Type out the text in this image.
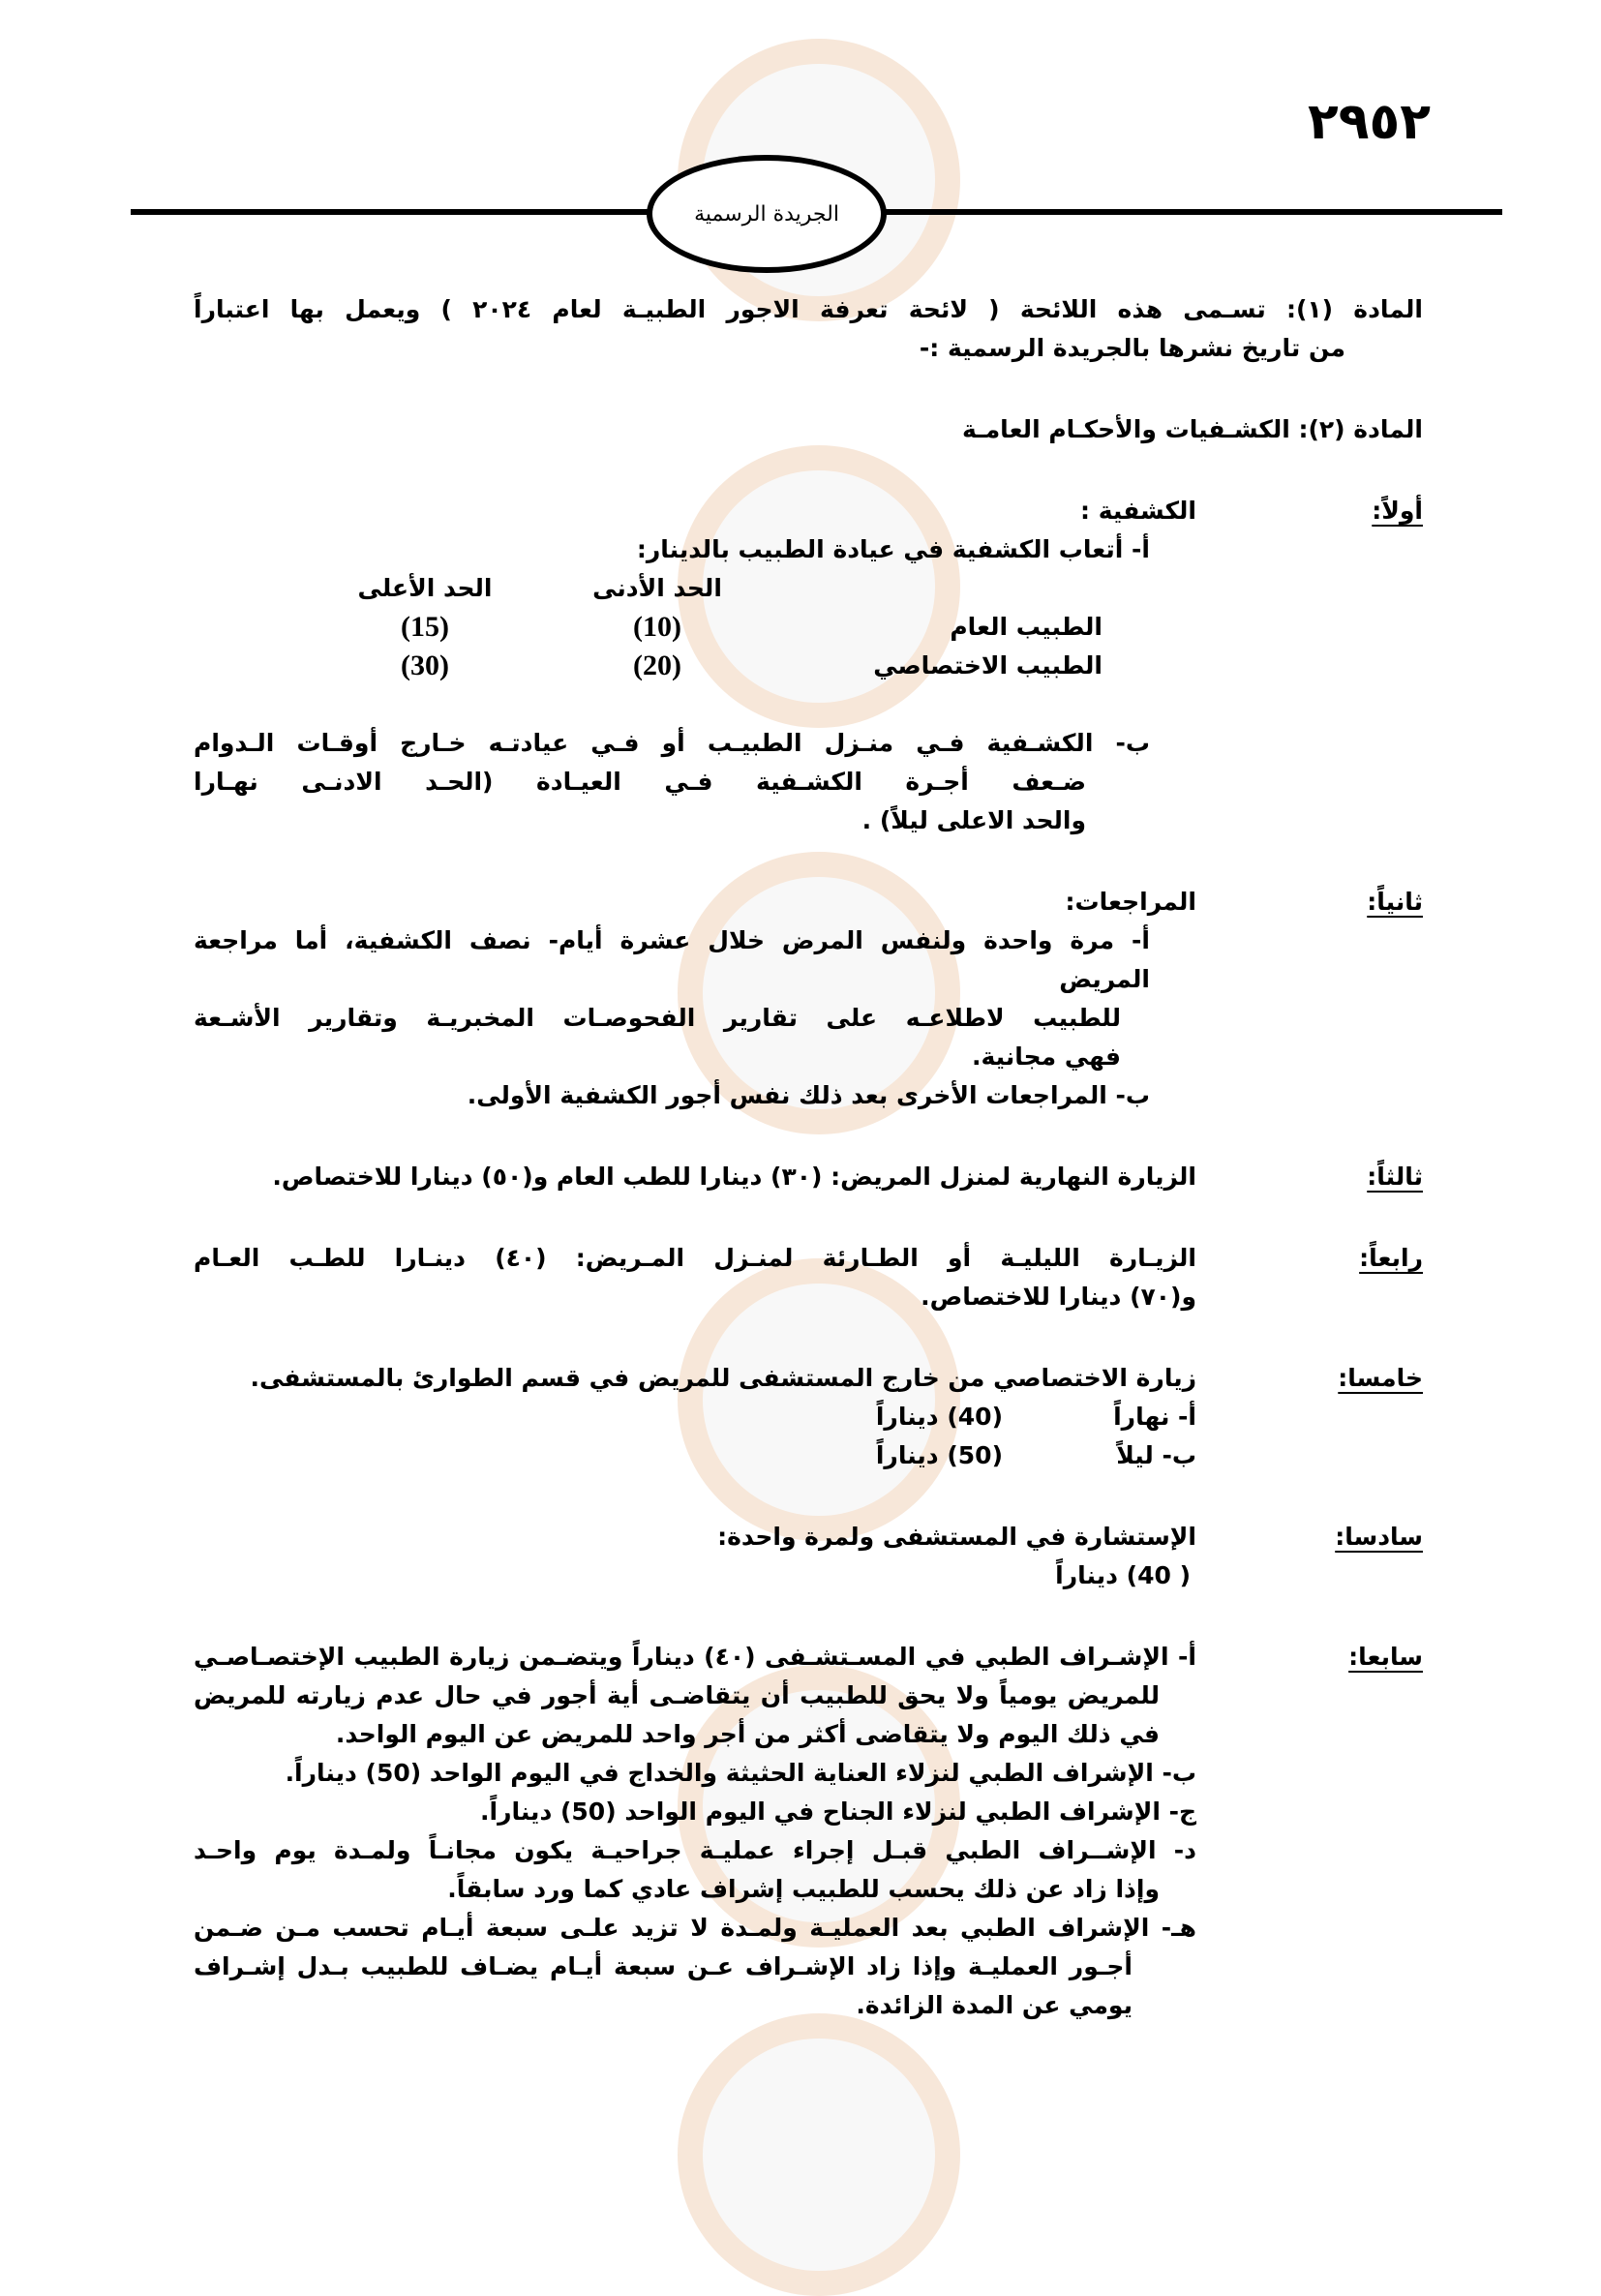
٢٩٥٢
الجريدة الرسمية
المادة (١): تسـمى هذه اللائحة ( لائحة تعرفة الاجور الطبيـة لعام ٢٠٢٤ ) ويعمل بها اعتباراً
من تاريخ نشرها بالجريدة الرسمية :-
المادة (٢): الكشـفيات والأحكـام العامـة
أولاً:
الكشفية :
أ- أتعاب الكشفية في عيادة الطبيب بالدينار:
الحد الأدنى
الحد الأعلى
الطبيب العام
(10)
(15)
الطبيب الاختصاصي
(20)
(30)
ب- الكشـفية فـي منـزل الطبيـب أو فـي عيادتـه خـارج أوقـات الـدوام
ضـعف أجـرة الكشـفية فـي العيـادة (الحـد الادنـى نهـارا
والحد الاعلى ليلاً) .
ثانياً:
المراجعات:
أ- مرة واحدة ولنفس المرض خلال عشرة أيام- نصف الكشفية، أما مراجعة المريض
للطبيب لاطلاعـه على تقارير الفحوصـات المخبريـة وتقارير الأشـعة
فهي مجانية.
ب- المراجعات الأخرى بعد ذلك نفس أجور الكشفية الأولى.
ثالثاً:
الزيارة النهارية لمنزل المريض: (٣٠) دينارا للطب العام و(٥٠) دينارا للاختصاص.
رابعاً:
الزيـارة الليليـة أو الطـارئة لمنـزل المـريض: (٤٠) دينـارا للطـب العـام
و(٧٠) دينارا للاختصاص.
خامسا:
زيارة الاختصاصي من خارج المستشفى للمريض في قسم الطوارئ بالمستشفى.
أ- نهاراً
(40) ديناراً
ب- ليلاً
(50) ديناراً
سادسا:
الإستشارة في المستشفى ولمرة واحدة:
( 40) ديناراً
سابعا:
أ- الإشـراف الطبي في المسـتشـفى (٤٠) ديناراً ويتضـمن زيارة الطبيب الإختصـاصـي
للمريض يومياً ولا يحق للطبيب أن يتقاضـى أية أجور في حال عدم زيارته للمريض
في ذلك اليوم ولا يتقاضى أكثر من أجر واحد للمريض عن اليوم الواحد.
ب- الإشراف الطبي لنزلاء العناية الحثيثة والخداج في اليوم الواحد (50) ديناراً.
ج- الإشراف الطبي لنزلاء الجناح في اليوم الواحد (50) ديناراً.
د- الإشــراف الطبي قبـل إجراء عمليـة جراحيـة يكون مجانـاً ولمـدة يوم واحـد
وإذا زاد عن ذلك يحسب للطبيب إشراف عادي كما ورد سابقاً.
هـ- الإشراف الطبي بعد العمليـة ولمـدة لا تزيد علـى سبعة أيـام تحسب مـن ضـمن
أجـور العمليـة وإذا زاد الإشـراف عـن سبعة أيـام يضـاف للطبيب بـدل إشـراف
يومي عن المدة الزائدة.
